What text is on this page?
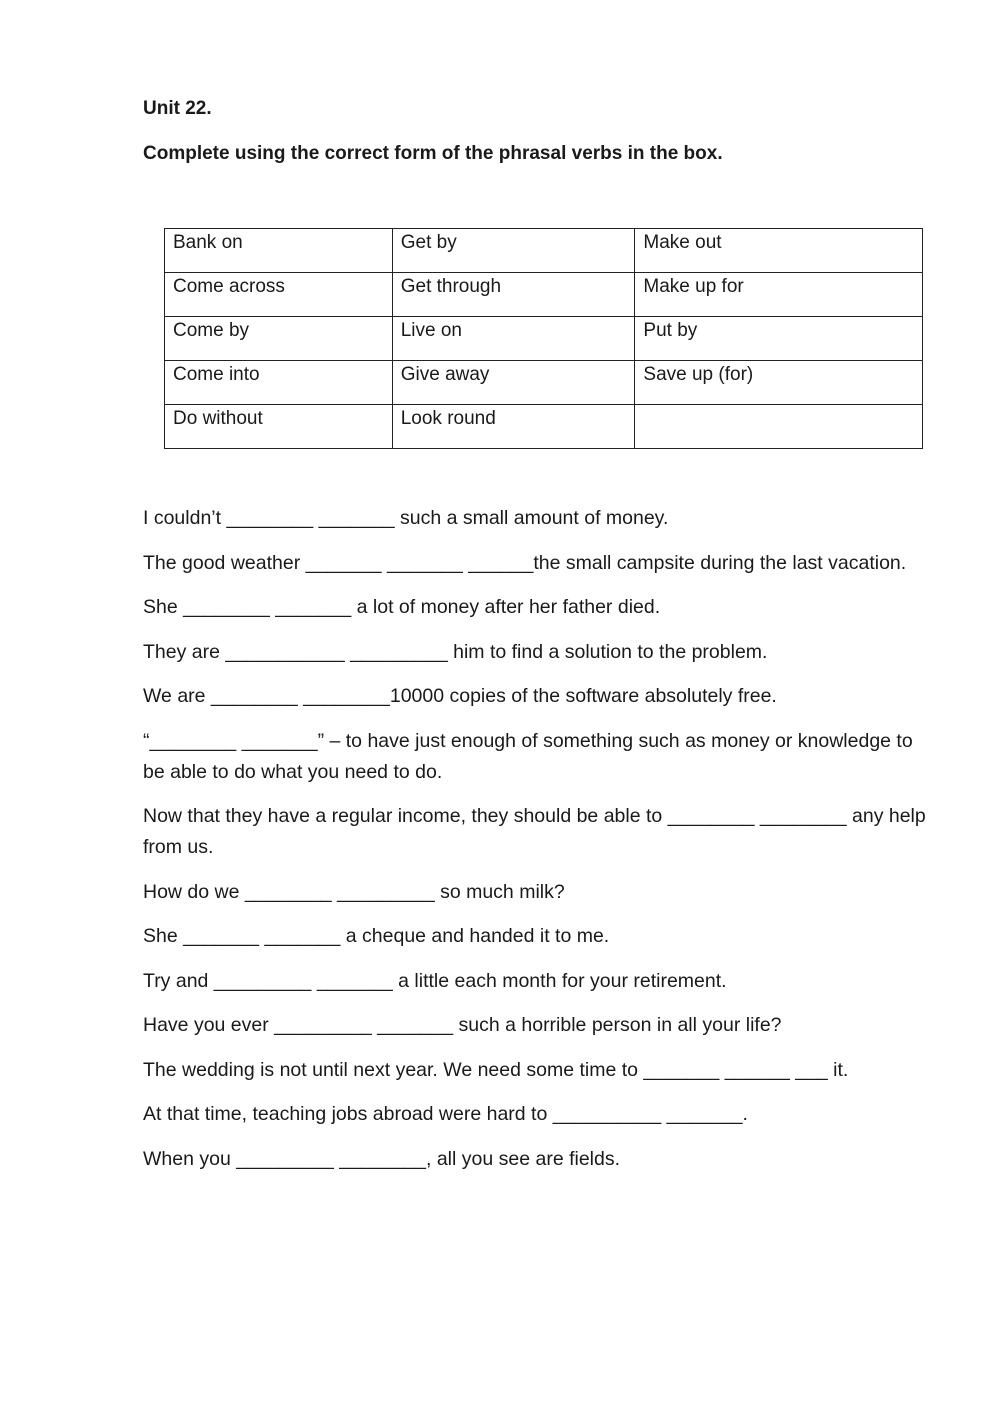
Unit 22.

Complete using the correct form of the phrasal verbs in the box.

Bank on	Get by	Make out
Come across	Get through	Make up for
Come by	Live on	Put by
Come into	Give away	Save up (for)
Do without	Look round	
I couldn’t ________ _______ such a small amount of money.
The good weather _______ _______ ______the small campsite during the last vacation.
She ________ _______ a lot of money after her father died.
They are ___________ _________ him to find a solution to the problem.
We are ________ ________10000 copies of the software absolutely free.
“________ _______” – to have just enough of something such as money or knowledge to be able to do what you need to do.
Now that they have a regular income, they should be able to ________ ________ any help from us.
How do we ________ _________ so much milk?
She _______ _______ a cheque and handed it to me.
Try and _________ _______ a little each month for your retirement.
Have you ever _________ _______ such a horrible person in all your life?
The wedding is not until next year. We need some time to _______ ______ ___ it.
At that time, teaching jobs abroad were hard to __________ _______.
When you _________ ________, all you see are fields.
